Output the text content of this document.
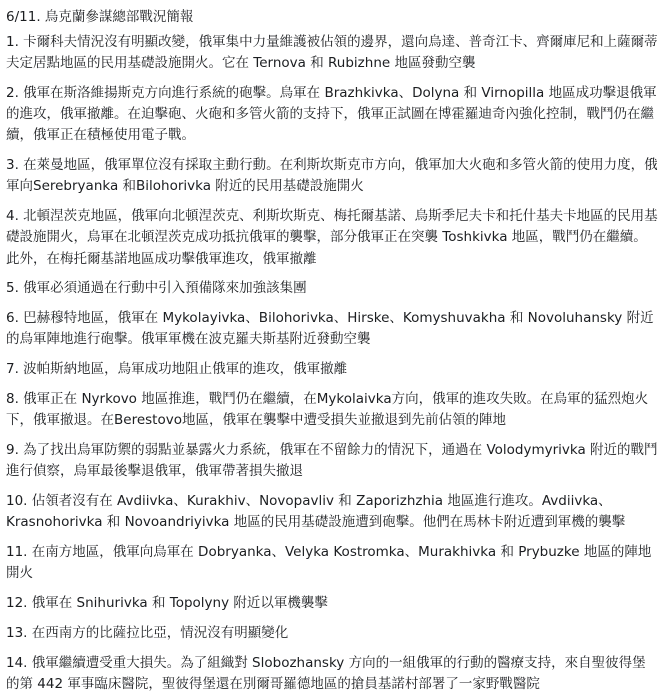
6/11. 烏克蘭參謀總部戰況簡報
1. 卡爾科夫情況沒有明顯改變，俄軍集中力量維護被佔領的邊界，還向烏達、普奇江卡、齊爾庫尼和上薩爾蒂夫定居點地區的民用基礎設施開火。它在 Ternova 和 Rubizhne 地區發動空襲
2. 俄軍在斯洛維揚斯克方向進行系統的砲擊。烏軍在 Brazhkivka、Dolyna 和 Virnopilla 地區成功擊退俄軍的進攻，俄軍撤離。在迫擊砲、火砲和多管火箭的支持下，俄軍正試圖在博霍羅迪奇內強化控制，戰鬥仍在繼續，俄軍正在積極使用電子戰。
3. 在萊曼地區，俄軍單位沒有採取主動行動。在利斯坎斯克市方向，俄軍加大火砲和多管火箭的使用力度，俄軍向Serebryanka 和Bilohorivka 附近的民用基礎設施開火
4. 北頓涅茨克地區，俄軍向北頓涅茨克、利斯坎斯克、梅托爾基諾、烏斯季尼夫卡和托什基夫卡地區的民用基礎設施開火，烏軍在北頓涅茨克成功抵抗俄軍的襲擊，部分俄軍正在突襲 Toshkivka 地區，戰鬥仍在繼續。此外，在梅托爾基諾地區成功擊俄軍進攻，俄軍撤離
5. 俄軍必須通過在行動中引入預備隊來加強該集團
6. 巴赫穆特地區，俄軍在 Mykolayivka、Bilohorivka、Hirske、Komyshuvakha 和 Novoluhansky 附近的烏軍陣地進行砲擊。俄軍軍機在波克羅夫斯基附近發動空襲
7. 波帕斯納地區，烏軍成功地阻止俄軍的進攻，俄軍撤離
8. 俄軍正在 Nyrkovo 地區推進，戰鬥仍在繼續，在Mykolaivka方向，俄軍的進攻失敗。在烏軍的猛烈炮火下，俄軍撤退。在Berestovo地區，俄軍在襲擊中遭受損失並撤退到先前佔領的陣地
9. 為了找出烏軍防禦的弱點並暴露火力系統，俄軍在不留餘力的情況下，通過在 Volodymyrivka 附近的戰鬥進行偵察，烏軍最後擊退俄軍，俄軍帶著損失撤退
10. 佔領者沒有在 Avdiivka、Kurakhiv、Novopavliv 和 Zaporizhzhia 地區進行進攻。Avdiivka、Krasnohorivka 和 Novoandriyivka 地區的民用基礎設施遭到砲擊。他們在馬林卡附近遭到軍機的襲擊
11. 在南方地區，俄軍向烏軍在 Dobryanka、Velyka Kostromka、Murakhivka 和 Prybuzke 地區的陣地開火
12. 俄軍在 Snihurivka 和 Topolyny 附近以軍機襲擊
13. 在西南方的比薩拉比亞，情況沒有明顯變化
14. 俄軍繼續遭受重大損失。為了組織對 Slobozhansky 方向的一組俄軍的行動的醫療支持，來自聖彼得堡的第 442 軍事臨床醫院，聖彼得堡還在別爾哥羅德地區的搶員基諾村部署了一家野戰醫院
